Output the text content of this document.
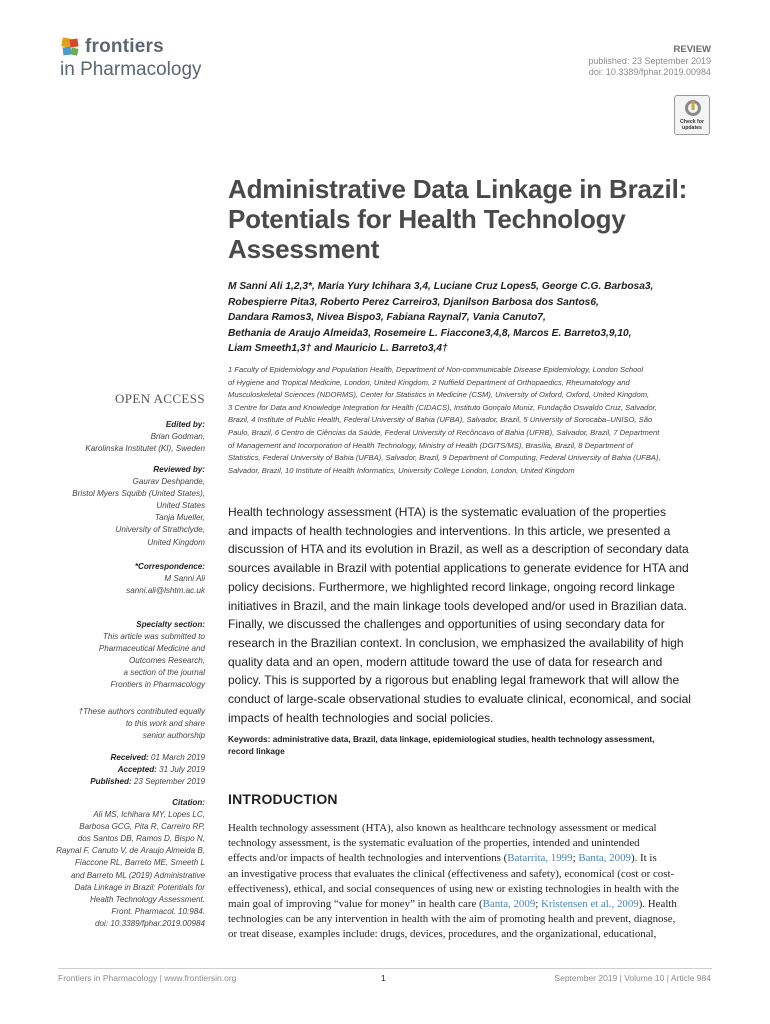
frontiers
in Pharmacology
REVIEW
published: 23 September 2019
doi: 10.3389/fphar.2019.00984
Check for
updates
Administrative Data Linkage in Brazil:
Potentials for Health Technology
Assessment
M Sanni Ali 1,2,3*, Maria Yury Ichihara 3,4, Luciane Cruz Lopes5, George C.G. Barbosa3,
Robespierre Pita3, Roberto Perez Carreiro3, Djanilson Barbosa dos Santos6,
Dandara Ramos3, Nivea Bispo3, Fabiana Raynal7, Vania Canuto7,
Bethania de Araujo Almeida3, Rosemeire L. Fiaccone3,4,8, Marcos E. Barreto3,9,10,
Liam Smeeth1,3† and Mauricio L. Barreto3,4†
1 Faculty of Epidemiology and Population Health, Department of Non-communicable Disease Epidemiology, London School
of Hygiene and Tropical Medicine, London, United Kingdom, 2 Nuffield Department of Orthopaedics, Rheumatology and
Musculoskeletal Sciences (NDORMS), Center for Statistics in Medicine (CSM), University of Oxford, Oxford, United Kingdom,
3 Centre for Data and Knowledge Integration for Health (CIDACS), Instituto Gonçalo Muniz, Fundação Oswaldo Cruz, Salvador,
Brazil, 4 Institute of Public Health, Federal University of Bahia (UFBA), Salvador, Brazil, 5 University of Sorocaba–UNISO, São
Paulo, Brazil, 6 Centro de Ciências da Saúde, Federal University of Recôncavo of Bahia (UFRB), Salvador, Brazil, 7 Department
of Management and Incorporation of Health Technology, Ministry of Health (DGITS/MS), Brasília, Brazil, 8 Department of
Statistics, Federal University of Bahia (UFBA), Salvador, Brazil, 9 Department of Computing, Federal University of Bahia (UFBA),
Salvador, Brazil, 10 Institute of Health Informatics, University College London, London, United Kingdom
OPEN ACCESS
Edited by:
Brian Godman,
Karolinska Institutet (KI), Sweden
Reviewed by:
Gaurav Deshpande,
Bristol Myers Squibb (United States),
United States
Tanja Mueller,
University of Strathclyde,
United Kingdom
*Correspondence:
M Sanni Ali
sanni.ali@lshtm.ac.uk
Specialty section:
This article was submitted to
Pharmaceutical Medicine and
Outcomes Research,
a section of the journal
Frontiers in Pharmacology
†These authors contributed equally
to this work and share
senior authorship
Received: 01 March 2019
Accepted: 31 July 2019
Published: 23 September 2019
Citation:
Ali MS, Ichihara MY, Lopes LC,
Barbosa GCG, Pita R, Carreiro RP,
dos Santos DB, Ramos D, Bispo N,
Raynal F, Canuto V, de Araujo Almeida B,
Fiaccone RL, Barreto ME, Smeeth L
and Barreto ML (2019) Administrative
Data Linkage in Brazil: Potentials for
Health Technology Assessment.
Front. Pharmacol. 10:984.
doi: 10.3389/fphar.2019.00984
Health technology assessment (HTA) is the systematic evaluation of the properties
and impacts of health technologies and interventions. In this article, we presented a
discussion of HTA and its evolution in Brazil, as well as a description of secondary data
sources available in Brazil with potential applications to generate evidence for HTA and
policy decisions. Furthermore, we highlighted record linkage, ongoing record linkage
initiatives in Brazil, and the main linkage tools developed and/or used in Brazilian data.
Finally, we discussed the challenges and opportunities of using secondary data for
research in the Brazilian context. In conclusion, we emphasized the availability of high
quality data and an open, modern attitude toward the use of data for research and
policy. This is supported by a rigorous but enabling legal framework that will allow the
conduct of large-scale observational studies to evaluate clinical, economical, and social
impacts of health technologies and social policies.
Keywords: administrative data, Brazil, data linkage, epidemiological studies, health technology assessment,
record linkage
INTRODUCTION
Health technology assessment (HTA), also known as healthcare technology assessment or medical
technology assessment, is the systematic evaluation of the properties, intended and unintended
effects and/or impacts of health technologies and interventions (Batarrita, 1999; Banta, 2009). It is
an investigative process that evaluates the clinical (effectiveness and safety), economical (cost or cost-
effectiveness), ethical, and social consequences of using new or existing technologies in health with the
main goal of improving “value for money” in health care (Banta, 2009; Kristensen et al., 2009). Health
technologies can be any intervention in health with the aim of promoting health and prevent, diagnose,
or treat disease, examples include: drugs, devices, procedures, and the organizational, educational,
Frontiers in Pharmacology | www.frontiersin.org	1	September 2019 | Volume 10 | Article 984
